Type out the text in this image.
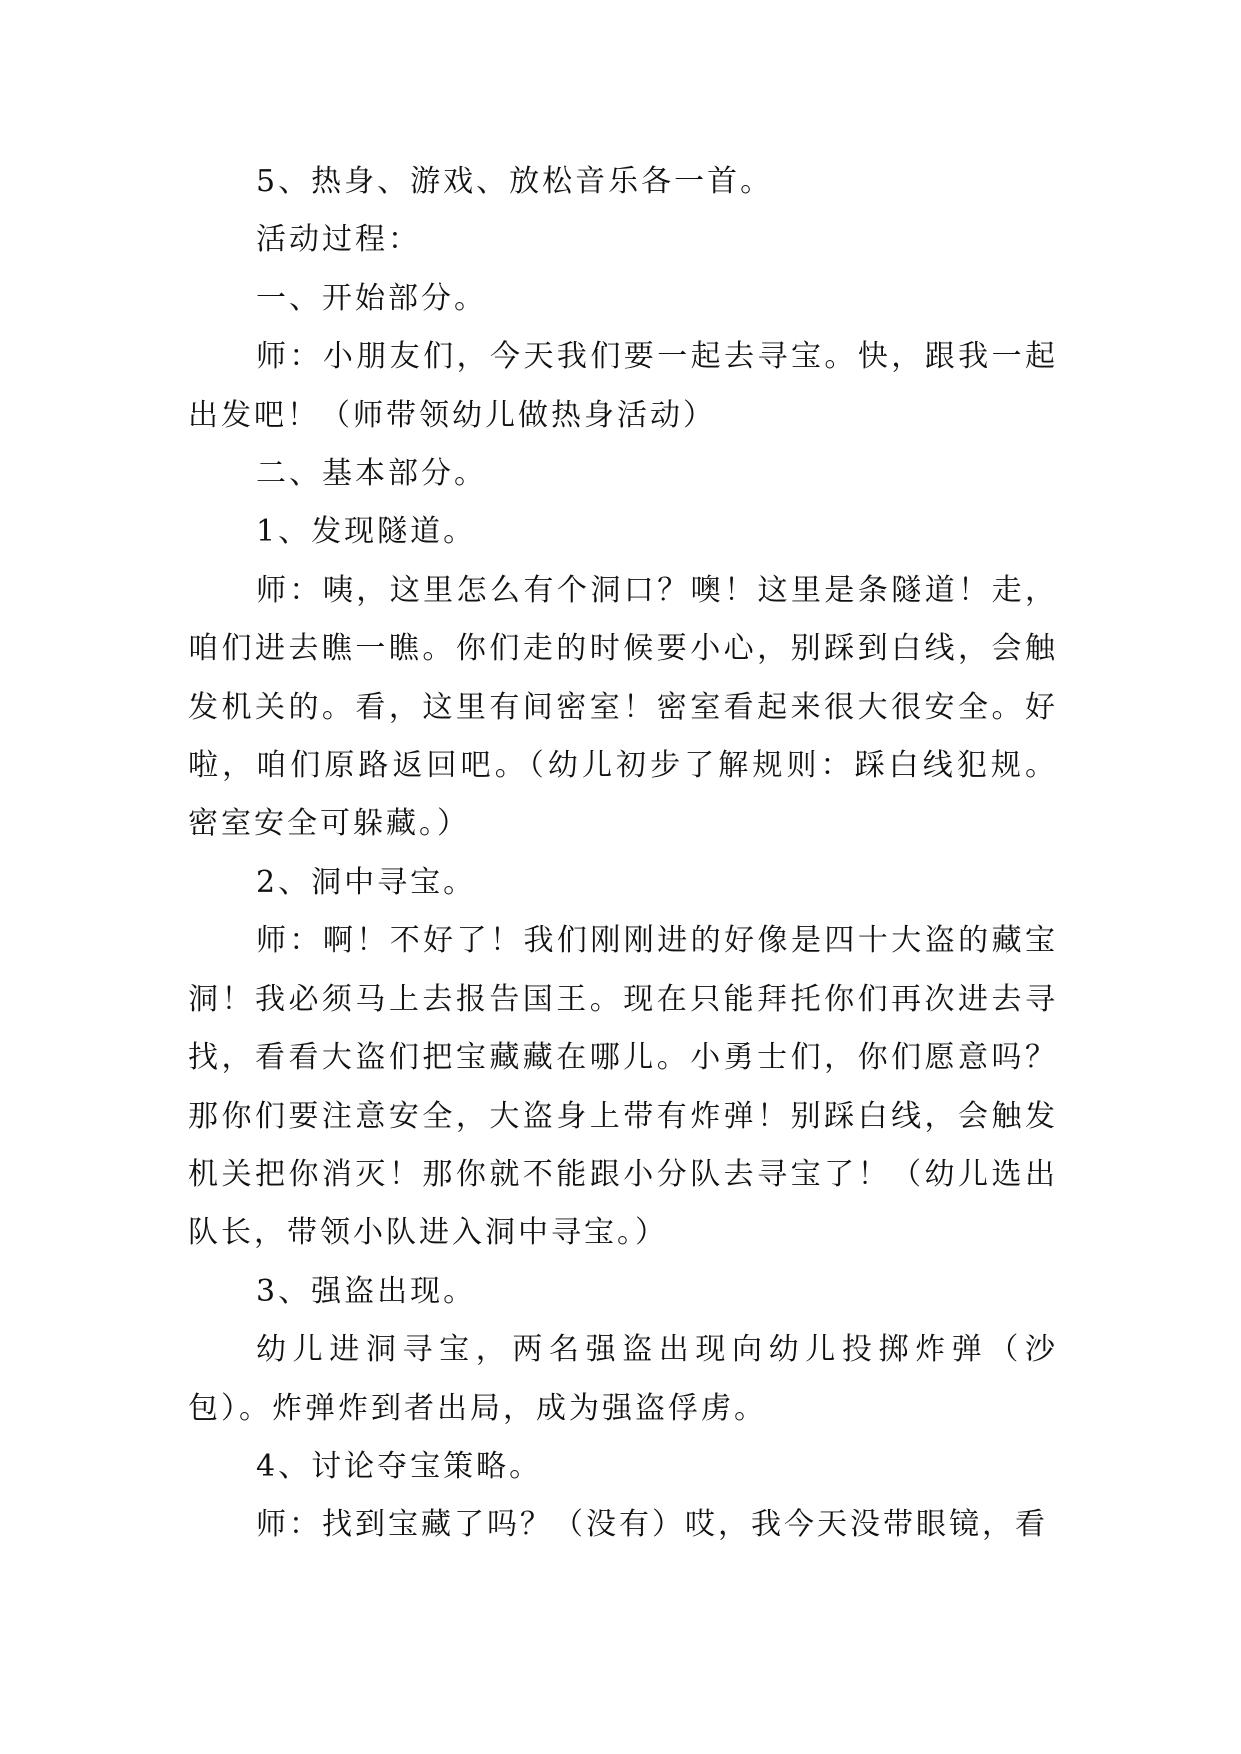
5、热身、游戏、放松音乐各一首。

活动过程：

一、开始部分。

师：小朋友们，今天我们要一起去寻宝。快，跟我一起出发吧！（师带领幼儿做热身活动）

二、基本部分。

1、发现隧道。

师：咦，这里怎么有个洞口？噢！这里是条隧道！走，咱们进去瞧一瞧。你们走的时候要小心，别踩到白线，会触发机关的。看，这里有间密室！密室看起来很大很安全。好啦，咱们原路返回吧。（幼儿初步了解规则：踩白线犯规。密室安全可躲藏。）

2、洞中寻宝。

师：啊！不好了！我们刚刚进的好像是四十大盗的藏宝洞！我必须马上去报告国王。现在只能拜托你们再次进去寻找，看看大盗们把宝藏藏在哪儿。小勇士们，你们愿意吗？那你们要注意安全，大盗身上带有炸弹！别踩白线，会触发机关把你消灭！那你就不能跟小分队去寻宝了！（幼儿选出队长，带领小队进入洞中寻宝。）

3、强盗出现。

幼儿进洞寻宝，两名强盗出现向幼儿投掷炸弹（沙包）。炸弹炸到者出局，成为强盗俘虏。

4、讨论夺宝策略。

师：找到宝藏了吗？（没有）哎，我今天没带眼镜，看
